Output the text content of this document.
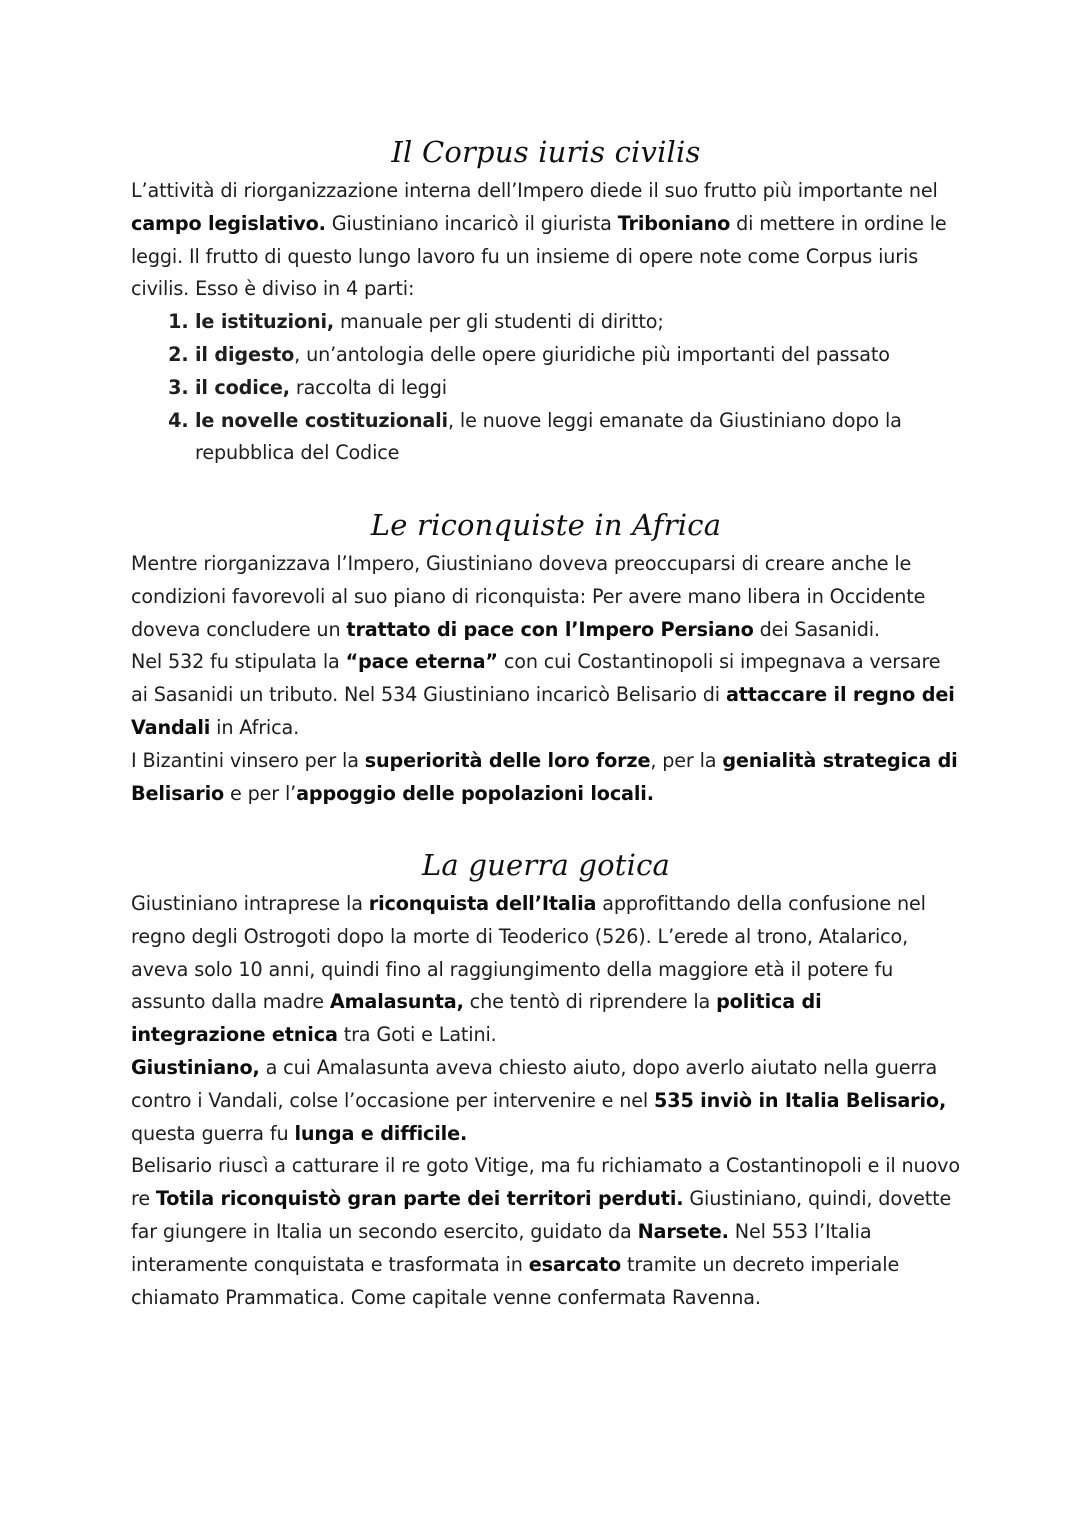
Il Corpus iuris civilis

L’attività di riorganizzazione interna dell’Impero diede il suo frutto più importante nel campo legislativo. Giustiniano incaricò il giurista Triboniano di mettere in ordine le leggi. Il frutto di questo lungo lavoro fu un insieme di opere note come Corpus iuris civilis. Esso è diviso in 4 parti:

1. le istituzioni, manuale per gli studenti di diritto;
2. il digesto, un’antologia delle opere giuridiche più importanti del passato
3. il codice, raccolta di leggi
4. le novelle costituzionali, le nuove leggi emanate da Giustiniano dopo la repubblica del Codice
Le riconquiste in Africa

Mentre riorganizzava l’Impero, Giustiniano doveva preoccuparsi di creare anche le condizioni favorevoli al suo piano di riconquista: Per avere mano libera in Occidente doveva concludere un trattato di pace con l’Impero Persiano dei Sasanidi.

Nel 532 fu stipulata la “pace eterna” con cui Costantinopoli si impegnava a versare ai Sasanidi un tributo. Nel 534 Giustiniano incaricò Belisario di attaccare il regno dei Vandali in Africa.

I Bizantini vinsero per la superiorità delle loro forze, per la genialità strategica di Belisario e per l’appoggio delle popolazioni locali.

La guerra gotica

Giustiniano intraprese la riconquista dell’Italia approfittando della confusione nel regno degli Ostrogoti dopo la morte di Teoderico (526). L’erede al trono, Atalarico, aveva solo 10 anni, quindi fino al raggiungimento della maggiore età il potere fu assunto dalla madre Amalasunta, che tentò di riprendere la politica di integrazione etnica tra Goti e Latini.

Giustiniano, a cui Amalasunta aveva chiesto aiuto, dopo averlo aiutato nella guerra contro i Vandali, colse l’occasione per intervenire e nel 535 inviò in Italia Belisario, questa guerra fu lunga e difficile.

Belisario riuscì a catturare il re goto Vitige, ma fu richiamato a Costantinopoli e il nuovo re Totila riconquistò gran parte dei territori perduti. Giustiniano, quindi, dovette far giungere in Italia un secondo esercito, guidato da Narsete. Nel 553 l’Italia interamente conquistata e trasformata in esarcato tramite un decreto imperiale chiamato Prammatica. Come capitale venne confermata Ravenna.
